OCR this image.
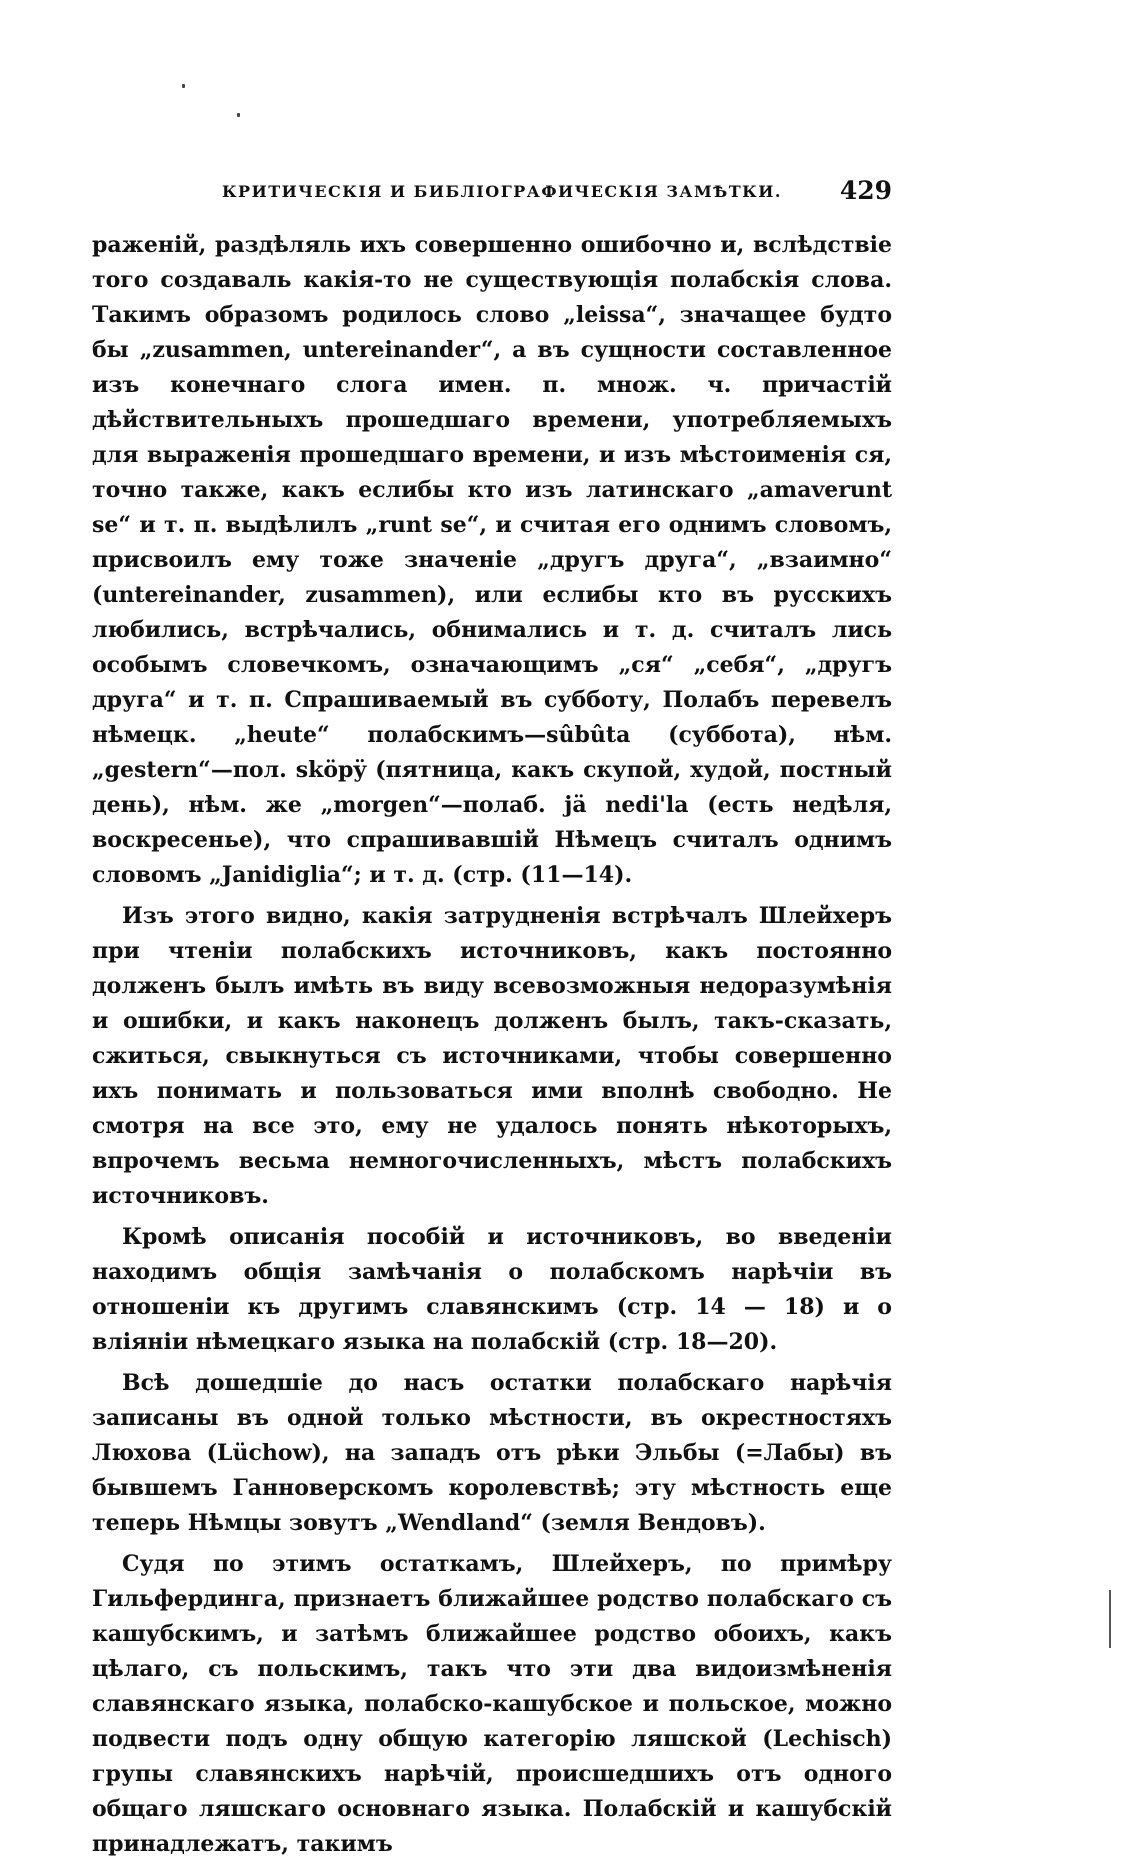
КРИТИЧЕСКІЯ И БИБЛІОГРАФИЧЕСКІЯ ЗАМѢТКИ. 429

раженій, раздѣляль ихъ совершенно ошибочно и, вслѣдствіе того создаваль какія-то не существующія полабскія слова. Такимъ образомъ родилось слово „leissa“, значащее будто бы „zusammen, untereinander“, а въ сущности составленное изъ конечнаго слога имен. п. множ. ч. причастій дѣйствительныхъ прошедшаго времени, употребляемыхъ для выраженія прошедшаго времени, и изъ мѣстоименія ся, точно также, какъ еслибы кто изъ латинскаго „amaverunt se“ и т. п. выдѣлилъ „runt se“, и считая его однимъ словомъ, присвоилъ ему тоже значеніе „другъ друга“, „взаимно“ (untereinander, zusammen), или еслибы кто въ русскихъ любились, встрѣчались, обнимались и т. д. считалъ лись особымъ словечкомъ, означающимъ „ся“ „себя“, „другъ друга“ и т. п. Спрашиваемый въ субботу, Полабъ перевелъ нѣмецк. „heute“ полабскимъ—sûbûta (суббота), нѣм. „gestern“—пол. sköpÿ (пятница, какъ скупой, худой, постный день), нѣм. же „morgen“—полаб. jä nedi'la (есть недѣля, воскресенье), что спрашивавшій Нѣмецъ считалъ однимъ словомъ „Janidiglia“; и т. д. (стр. (11—14).

Изъ этого видно, какія затрудненія встрѣчалъ Шлейхеръ при чтеніи полабскихъ источниковъ, какъ постоянно долженъ былъ имѣть въ виду всевозможныя недоразумѣнія и ошибки, и какъ наконецъ долженъ былъ, такъ-сказать, сжиться, свыкнуться съ источниками, чтобы совершенно ихъ понимать и пользоваться ими вполнѣ свободно. Не смотря на все это, ему не удалось понять нѣкоторыхъ, впрочемъ весьма немногочисленныхъ, мѣстъ полабскихъ источниковъ.

Кромѣ описанія пособій и источниковъ, во введеніи находимъ общія замѣчанія о полабскомъ нарѣчіи въ отношеніи къ другимъ славянскимъ (стр. 14 — 18) и о вліяніи нѣмецкаго языка на полабскій (стр. 18—20).

Всѣ дошедшіе до насъ остатки полабскаго нарѣчія записаны въ одной только мѣстности, въ окрестностяхъ Люхова (Lüchow), на западъ отъ рѣки Эльбы (=Лабы) въ бывшемъ Ганноверскомъ королевствѣ; эту мѣстность еще теперь Нѣмцы зовутъ „Wendland“ (земля Вендовъ).

Судя по этимъ остаткамъ, Шлейхеръ, по примѣру Гильфердинга, признаетъ ближайшее родство полабскаго съ кашубскимъ, и затѣмъ ближайшее родство обоихъ, какъ цѣлаго, съ польскимъ, такъ что эти два видоизмѣненія славянскаго языка, полабско-кашубское и польское, можно подвести подъ одну общую категорію ляшской (Lechisch) групы славянскихъ нарѣчій, происшедшихъ отъ одного общаго ляшскаго основнаго языка. Полабскій и кашубскій принадлежатъ, такимъ
